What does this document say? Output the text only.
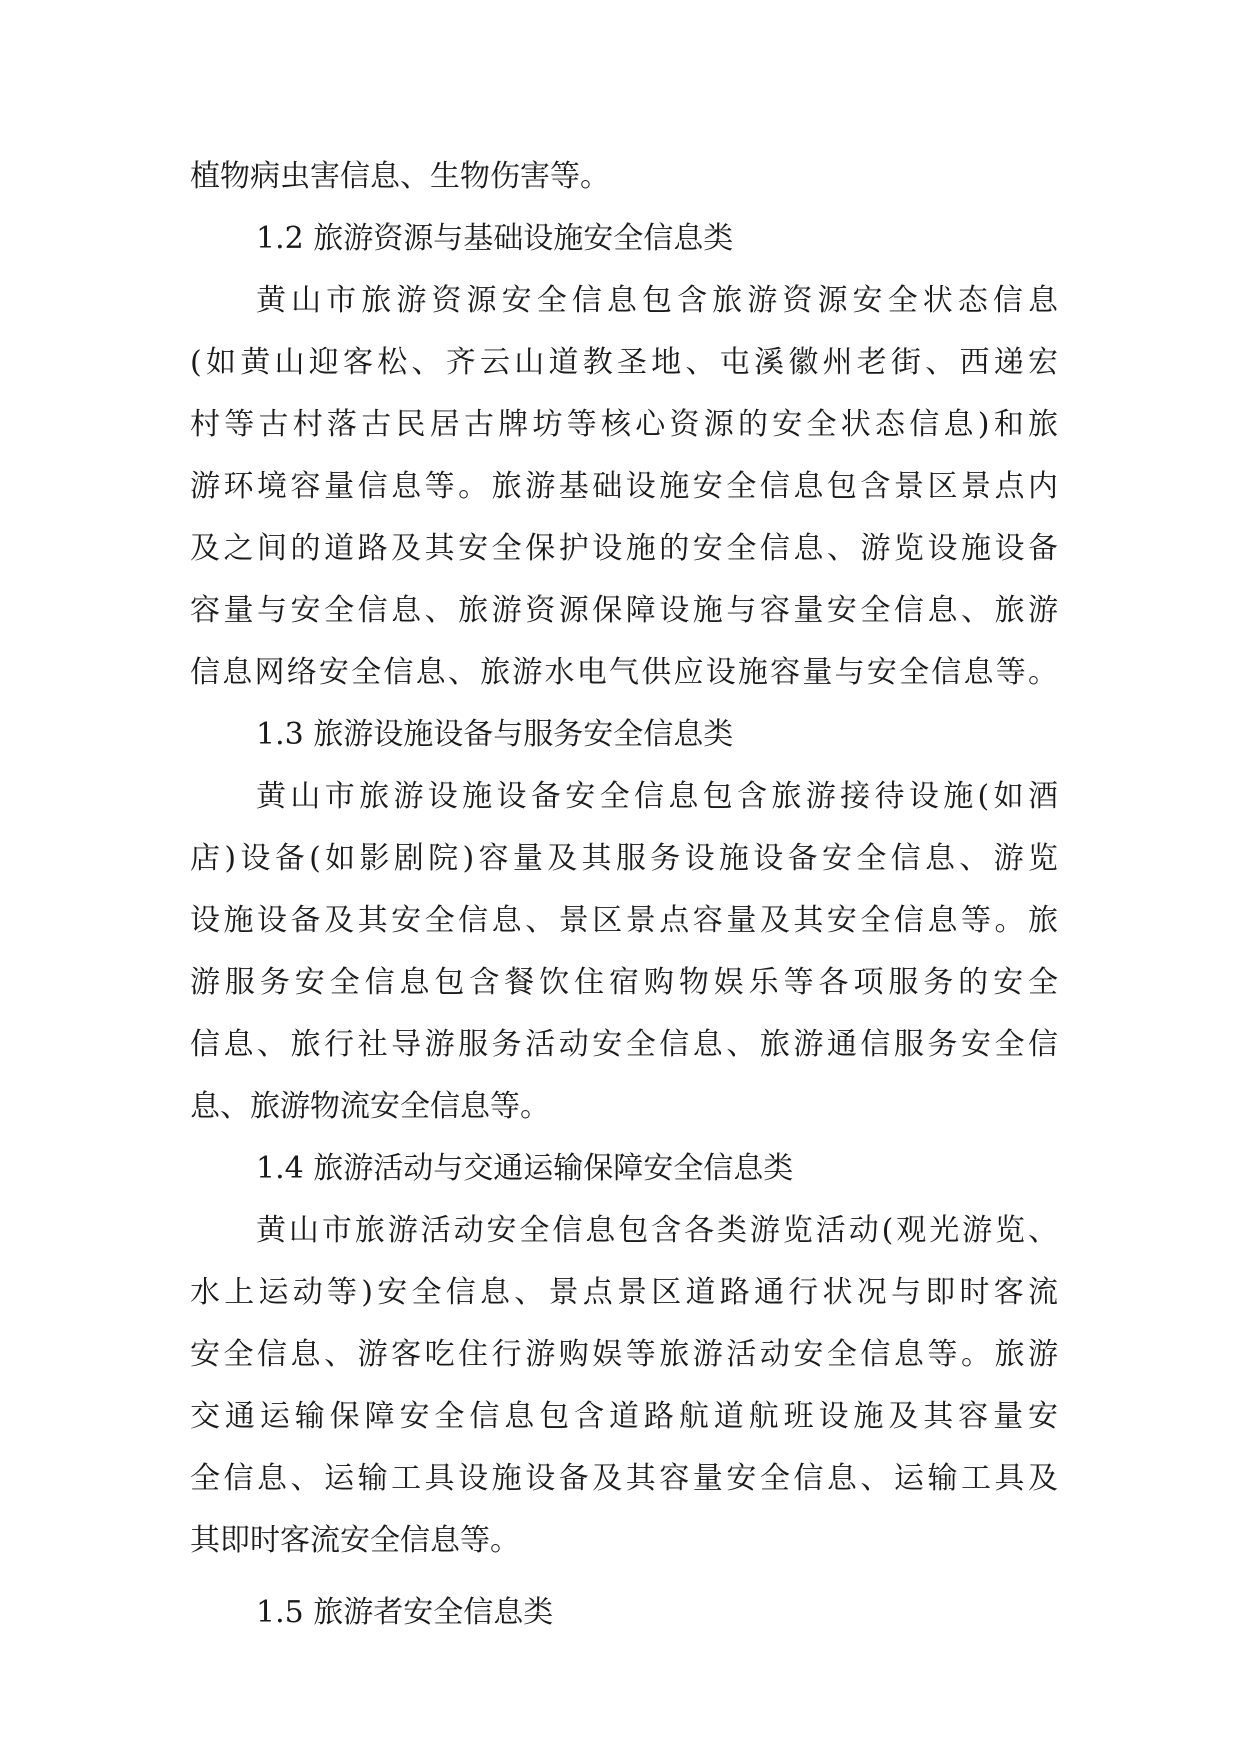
植物病虫害信息、生物伤害等。
1.2 旅游资源与基础设施安全信息类
黄山市旅游资源安全信息包含旅游资源安全状态信息
(如黄山迎客松、齐云山道教圣地、屯溪徽州老街、西递宏
村等古村落古民居古牌坊等核心资源的安全状态信息)和旅
游环境容量信息等。旅游基础设施安全信息包含景区景点内
及之间的道路及其安全保护设施的安全信息、游览设施设备
容量与安全信息、旅游资源保障设施与容量安全信息、旅游
信息网络安全信息、旅游水电气供应设施容量与安全信息等。
1.3 旅游设施设备与服务安全信息类
黄山市旅游设施设备安全信息包含旅游接待设施(如酒
店)设备(如影剧院)容量及其服务设施设备安全信息、游览
设施设备及其安全信息、景区景点容量及其安全信息等。旅
游服务安全信息包含餐饮住宿购物娱乐等各项服务的安全
信息、旅行社导游服务活动安全信息、旅游通信服务安全信
息、旅游物流安全信息等。
1.4 旅游活动与交通运输保障安全信息类
黄山市旅游活动安全信息包含各类游览活动(观光游览、
水上运动等)安全信息、景点景区道路通行状况与即时客流
安全信息、游客吃住行游购娱等旅游活动安全信息等。旅游
交通运输保障安全信息包含道路航道航班设施及其容量安
全信息、运输工具设施设备及其容量安全信息、运输工具及
其即时客流安全信息等。
1.5 旅游者安全信息类
